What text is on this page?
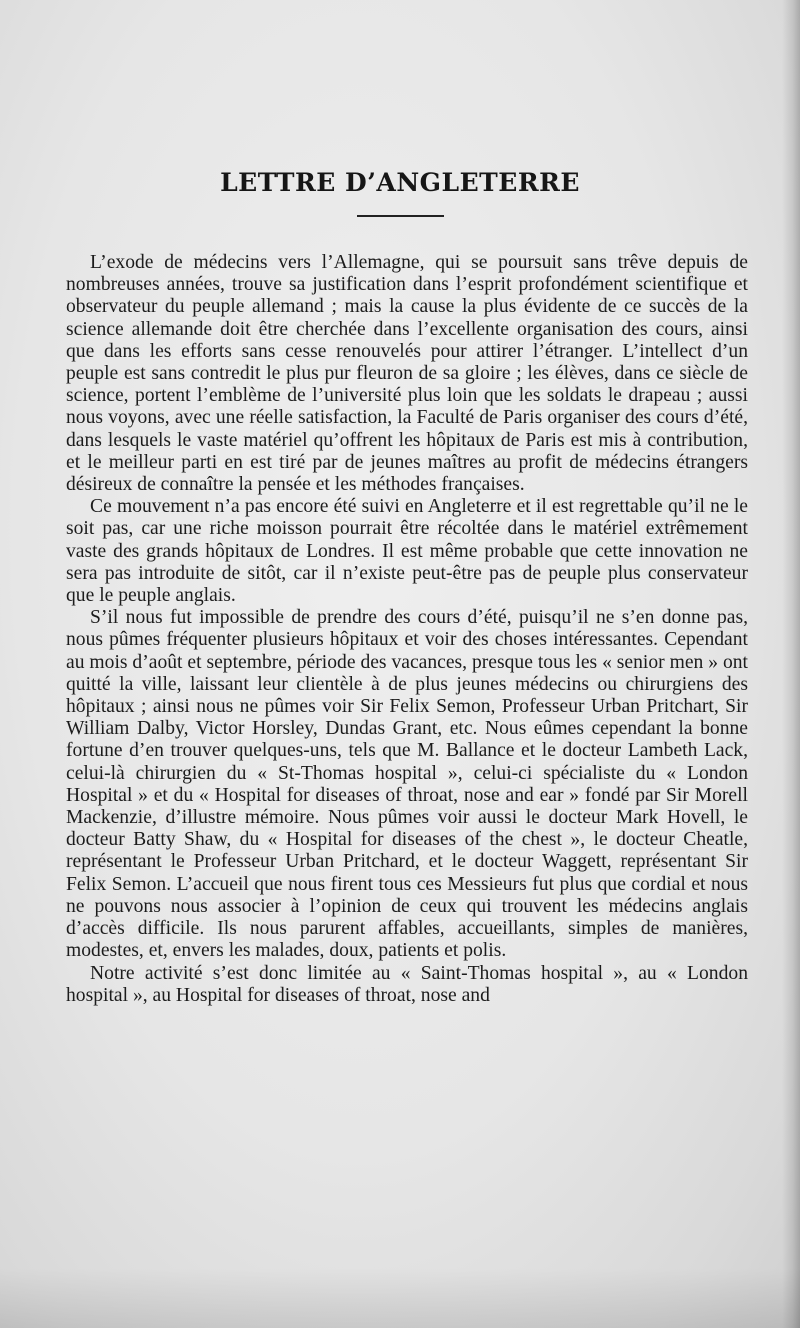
LETTRE D’ANGLETERRE

L’exode de médecins vers l’Allemagne, qui se poursuit sans trêve depuis de nombreuses années, trouve sa justification dans l’esprit profondément scientifique et observateur du peuple allemand ; mais la cause la plus évidente de ce succès de la science allemande doit être cherchée dans l’excellente organisation des cours, ainsi que dans les efforts sans cesse renouvelés pour attirer l’étranger. L’intellect d’un peuple est sans contredit le plus pur fleuron de sa gloire ; les élèves, dans ce siècle de science, portent l’emblème de l’université plus loin que les soldats le drapeau ; aussi nous voyons, avec une réelle satisfaction, la Faculté de Paris organiser des cours d’été, dans lesquels le vaste matériel qu’offrent les hôpitaux de Paris est mis à contribution, et le meilleur parti en est tiré par de jeunes maîtres au profit de médecins étrangers désireux de connaître la pensée et les méthodes françaises.

Ce mouvement n’a pas encore été suivi en Angleterre et il est regrettable qu’il ne le soit pas, car une riche moisson pourrait être récoltée dans le matériel extrêmement vaste des grands hôpitaux de Londres. Il est même probable que cette innovation ne sera pas introduite de sitôt, car il n’existe peut-être pas de peuple plus conservateur que le peuple anglais.

S’il nous fut impossible de prendre des cours d’été, puisqu’il ne s’en donne pas, nous pûmes fréquenter plusieurs hôpitaux et voir des choses intéressantes. Cependant au mois d’août et septembre, période des vacances, presque tous les « senior men » ont quitté la ville, laissant leur clientèle à de plus jeunes médecins ou chirurgiens des hôpitaux ; ainsi nous ne pûmes voir Sir Felix Semon, Professeur Urban Pritchart, Sir William Dalby, Victor Horsley, Dundas Grant, etc. Nous eûmes cependant la bonne fortune d’en trouver quelques-uns, tels que M. Ballance et le docteur Lambeth Lack, celui-là chirurgien du « St-Thomas hospital », celui-ci spécialiste du « London Hospital » et du « Hospital for diseases of throat, nose and ear » fondé par Sir Morell Mackenzie, d’illustre mémoire. Nous pûmes voir aussi le docteur Mark Hovell, le docteur Batty Shaw, du « Hospital for diseases of the chest », le docteur Cheatle, représentant le Professeur Urban Pritchard, et le docteur Waggett, représentant Sir Felix Semon. L’accueil que nous firent tous ces Messieurs fut plus que cordial et nous ne pouvons nous associer à l’opinion de ceux qui trouvent les médecins anglais d’accès difficile. Ils nous parurent affables, accueillants, simples de manières, modestes, et, envers les malades, doux, patients et polis.

Notre activité s’est donc limitée au « Saint-Thomas hospital », au « London hospital », au Hospital for diseases of throat, nose and
